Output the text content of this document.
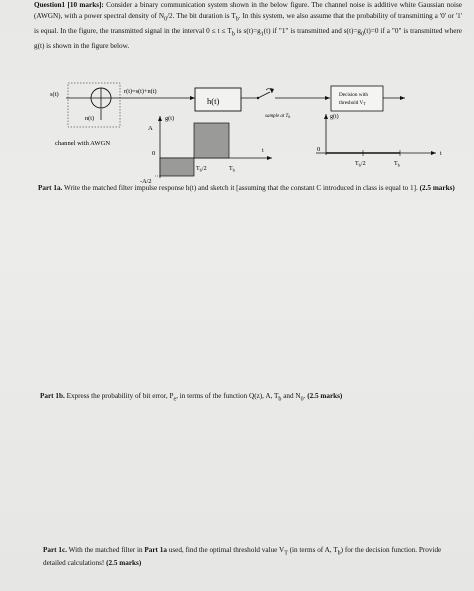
Question1 [10 marks]: Consider a binary communication system shown in the below figure. The channel noise is additive white Gaussian noise (AWGN), with a power spectral density of $N_0/2$. The bit duration is $T_b$. In this system, we also assume that the probability of transmitting a '0' or '1' is equal. In the figure, the transmitted signal in the interval $0 \le t \le T_b$ is $s(t)=g_1(t)$ if "1" is transmitted and $s(t)=g_0(t)=0$ if a "0" is transmitted where g(t) is shown in the figure below.
s(t)
n(t)
channel with AWGN
r(t)=s(t)+n(t)
h(t)
sample at $T_b$
Decision with
threshold $V_T$
g(t)
A
0
-A/2
$T_b/2$	$T_b$
t
g(t)
0
$T_b/2$	$T_b$
t
Part 1a. Write the matched filter impulse response h(t) and sketch it [assuming that the constant C introduced in class is equal to 1]. (2.5 marks)
Part 1b. Express the probability of bit error, $P_e$, in terms of the function Q(z), A, $T_b$ and $N_0$. (2.5 marks)
Part 1c. With the matched filter in Part 1a used, find the optimal threshold value $V_T$ (in terms of A, $T_b$) for the decision function. Provide detailed calculations! (2.5 marks)
